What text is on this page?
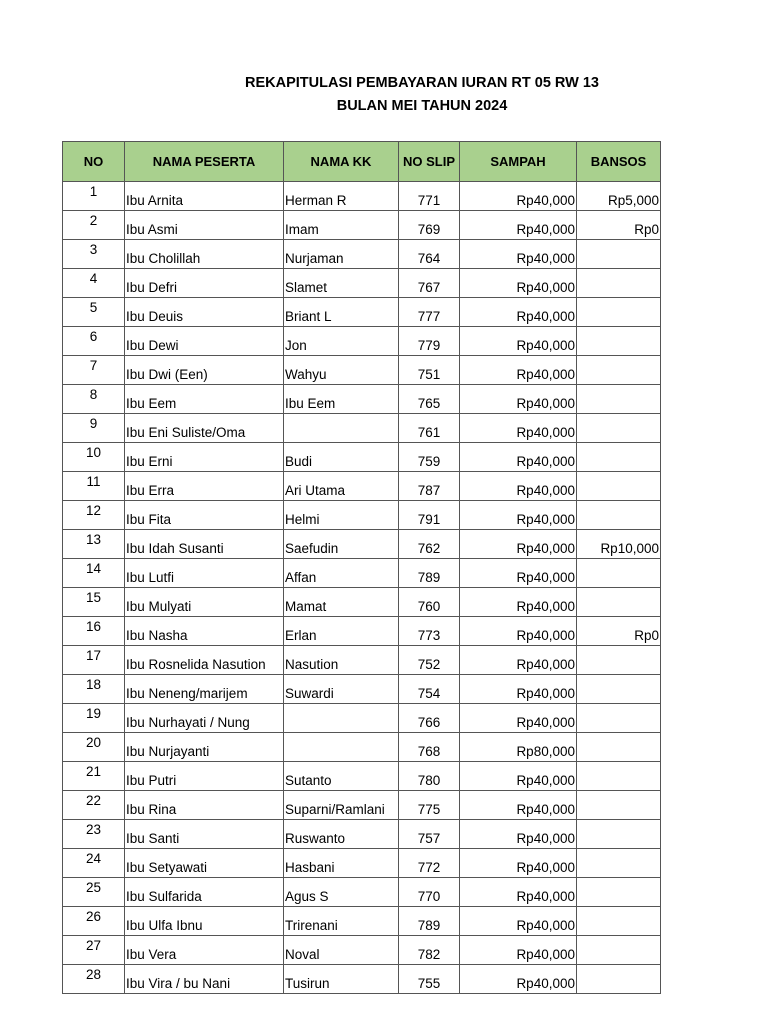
REKAPITULASI PEMBAYARAN IURAN RT 05 RW 13
BULAN MEI TAHUN 2024
NO	NAMA PESERTA	NAMA KK	NO SLIP	SAMPAH	BANSOS
1	Ibu Arnita	Herman R	771	Rp40,000	Rp5,000
2	Ibu Asmi	Imam	769	Rp40,000	Rp0
3	Ibu Cholillah	Nurjaman	764	Rp40,000	
4	Ibu Defri	Slamet	767	Rp40,000	
5	Ibu Deuis	Briant L	777	Rp40,000	
6	Ibu Dewi	Jon	779	Rp40,000	
7	Ibu Dwi (Een)	Wahyu	751	Rp40,000	
8	Ibu Eem	Ibu Eem	765	Rp40,000	
9	Ibu Eni Suliste/Oma		761	Rp40,000	
10	Ibu Erni	Budi	759	Rp40,000	
11	Ibu Erra	Ari Utama	787	Rp40,000	
12	Ibu Fita	Helmi	791	Rp40,000	
13	Ibu Idah Susanti	Saefudin	762	Rp40,000	Rp10,000
14	Ibu Lutfi	Affan	789	Rp40,000	
15	Ibu Mulyati	Mamat	760	Rp40,000	
16	Ibu Nasha	Erlan	773	Rp40,000	Rp0
17	Ibu Rosnelida Nasution	Nasution	752	Rp40,000	
18	Ibu Neneng/marijem	Suwardi	754	Rp40,000	
19	Ibu Nurhayati / Nung		766	Rp40,000	
20	Ibu Nurjayanti		768	Rp80,000	
21	Ibu Putri	Sutanto	780	Rp40,000	
22	Ibu Rina	Suparni/Ramlani	775	Rp40,000	
23	Ibu Santi	Ruswanto	757	Rp40,000	
24	Ibu Setyawati	Hasbani	772	Rp40,000	
25	Ibu Sulfarida	Agus S	770	Rp40,000	
26	Ibu Ulfa Ibnu	Trirenani	789	Rp40,000	
27	Ibu Vera	Noval	782	Rp40,000	
28	Ibu Vira / bu Nani	Tusirun	755	Rp40,000	
